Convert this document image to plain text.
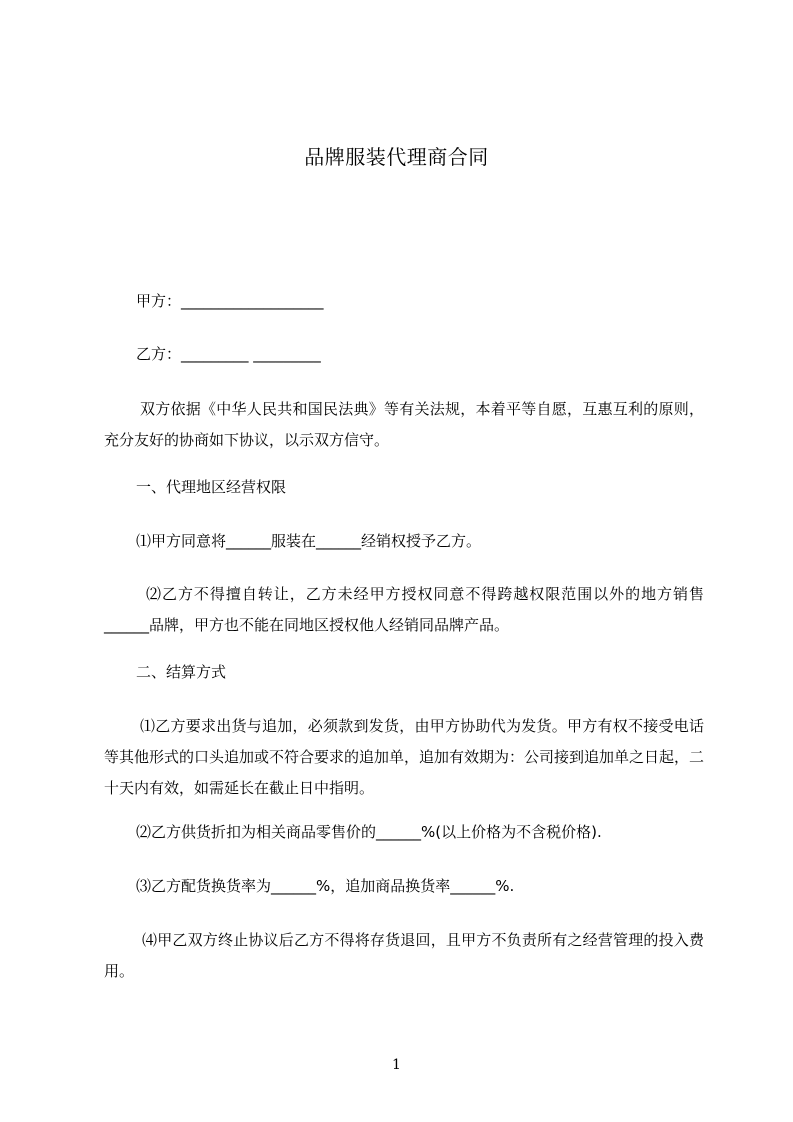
品牌服装代理商合同
甲方：___________________
乙方：_________ _________
双方依据《中华人民共和国民法典》等有关法规，本着平等自愿，互惠互利的原则，充分友好的协商如下协议，以示双方信守。
一、代理地区经营权限
⑴甲方同意将______服装在______经销权授予乙方。
⑵乙方不得擅自转让，乙方未经甲方授权同意不得跨越权限范围以外的地方销售______品牌，甲方也不能在同地区授权他人经销同品牌产品。
二、结算方式
⑴乙方要求出货与追加，必须款到发货，由甲方协助代为发货。甲方有权不接受电话等其他形式的口头追加或不符合要求的追加单，追加有效期为：公司接到追加单之日起，二十天内有效，如需延长在截止日中指明。
⑵乙方供货折扣为相关商品零售价的______%(以上价格为不含税价格).
⑶乙方配货换货率为______%，追加商品换货率______%.
⑷甲乙双方终止协议后乙方不得将存货退回，且甲方不负责所有之经营管理的投入费用。
1
